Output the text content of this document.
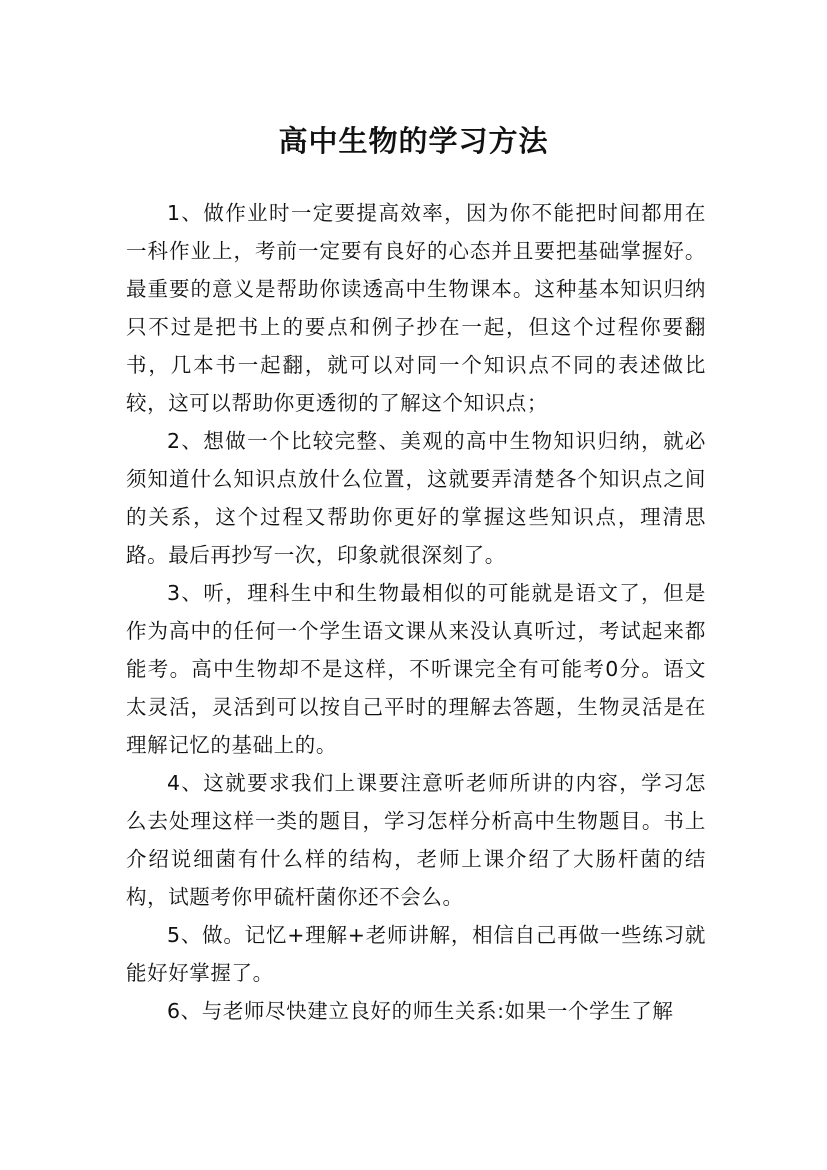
高中生物的学习方法

1、做作业时一定要提高效率，因为你不能把时间都用在一科作业上，考前一定要有良好的心态并且要把基础掌握好。最重要的意义是帮助你读透高中生物课本。这种基本知识归纳只不过是把书上的要点和例子抄在一起，但这个过程你要翻书，几本书一起翻，就可以对同一个知识点不同的表述做比较，这可以帮助你更透彻的了解这个知识点；

2、想做一个比较完整、美观的高中生物知识归纳，就必须知道什么知识点放什么位置，这就要弄清楚各个知识点之间的关系，这个过程又帮助你更好的掌握这些知识点，理清思路。最后再抄写一次，印象就很深刻了。

3、听，理科生中和生物最相似的可能就是语文了，但是作为高中的任何一个学生语文课从来没认真听过，考试起来都能考。高中生物却不是这样，不听课完全有可能考0分。语文太灵活，灵活到可以按自己平时的理解去答题，生物灵活是在理解记忆的基础上的。

4、这就要求我们上课要注意听老师所讲的内容，学习怎么去处理这样一类的题目，学习怎样分析高中生物题目。书上介绍说细菌有什么样的结构，老师上课介绍了大肠杆菌的结构，试题考你甲硫杆菌你还不会么。

5、做。记忆+理解+老师讲解，相信自己再做一些练习就能好好掌握了。

6、与老师尽快建立良好的师生关系:如果一个学生了解
